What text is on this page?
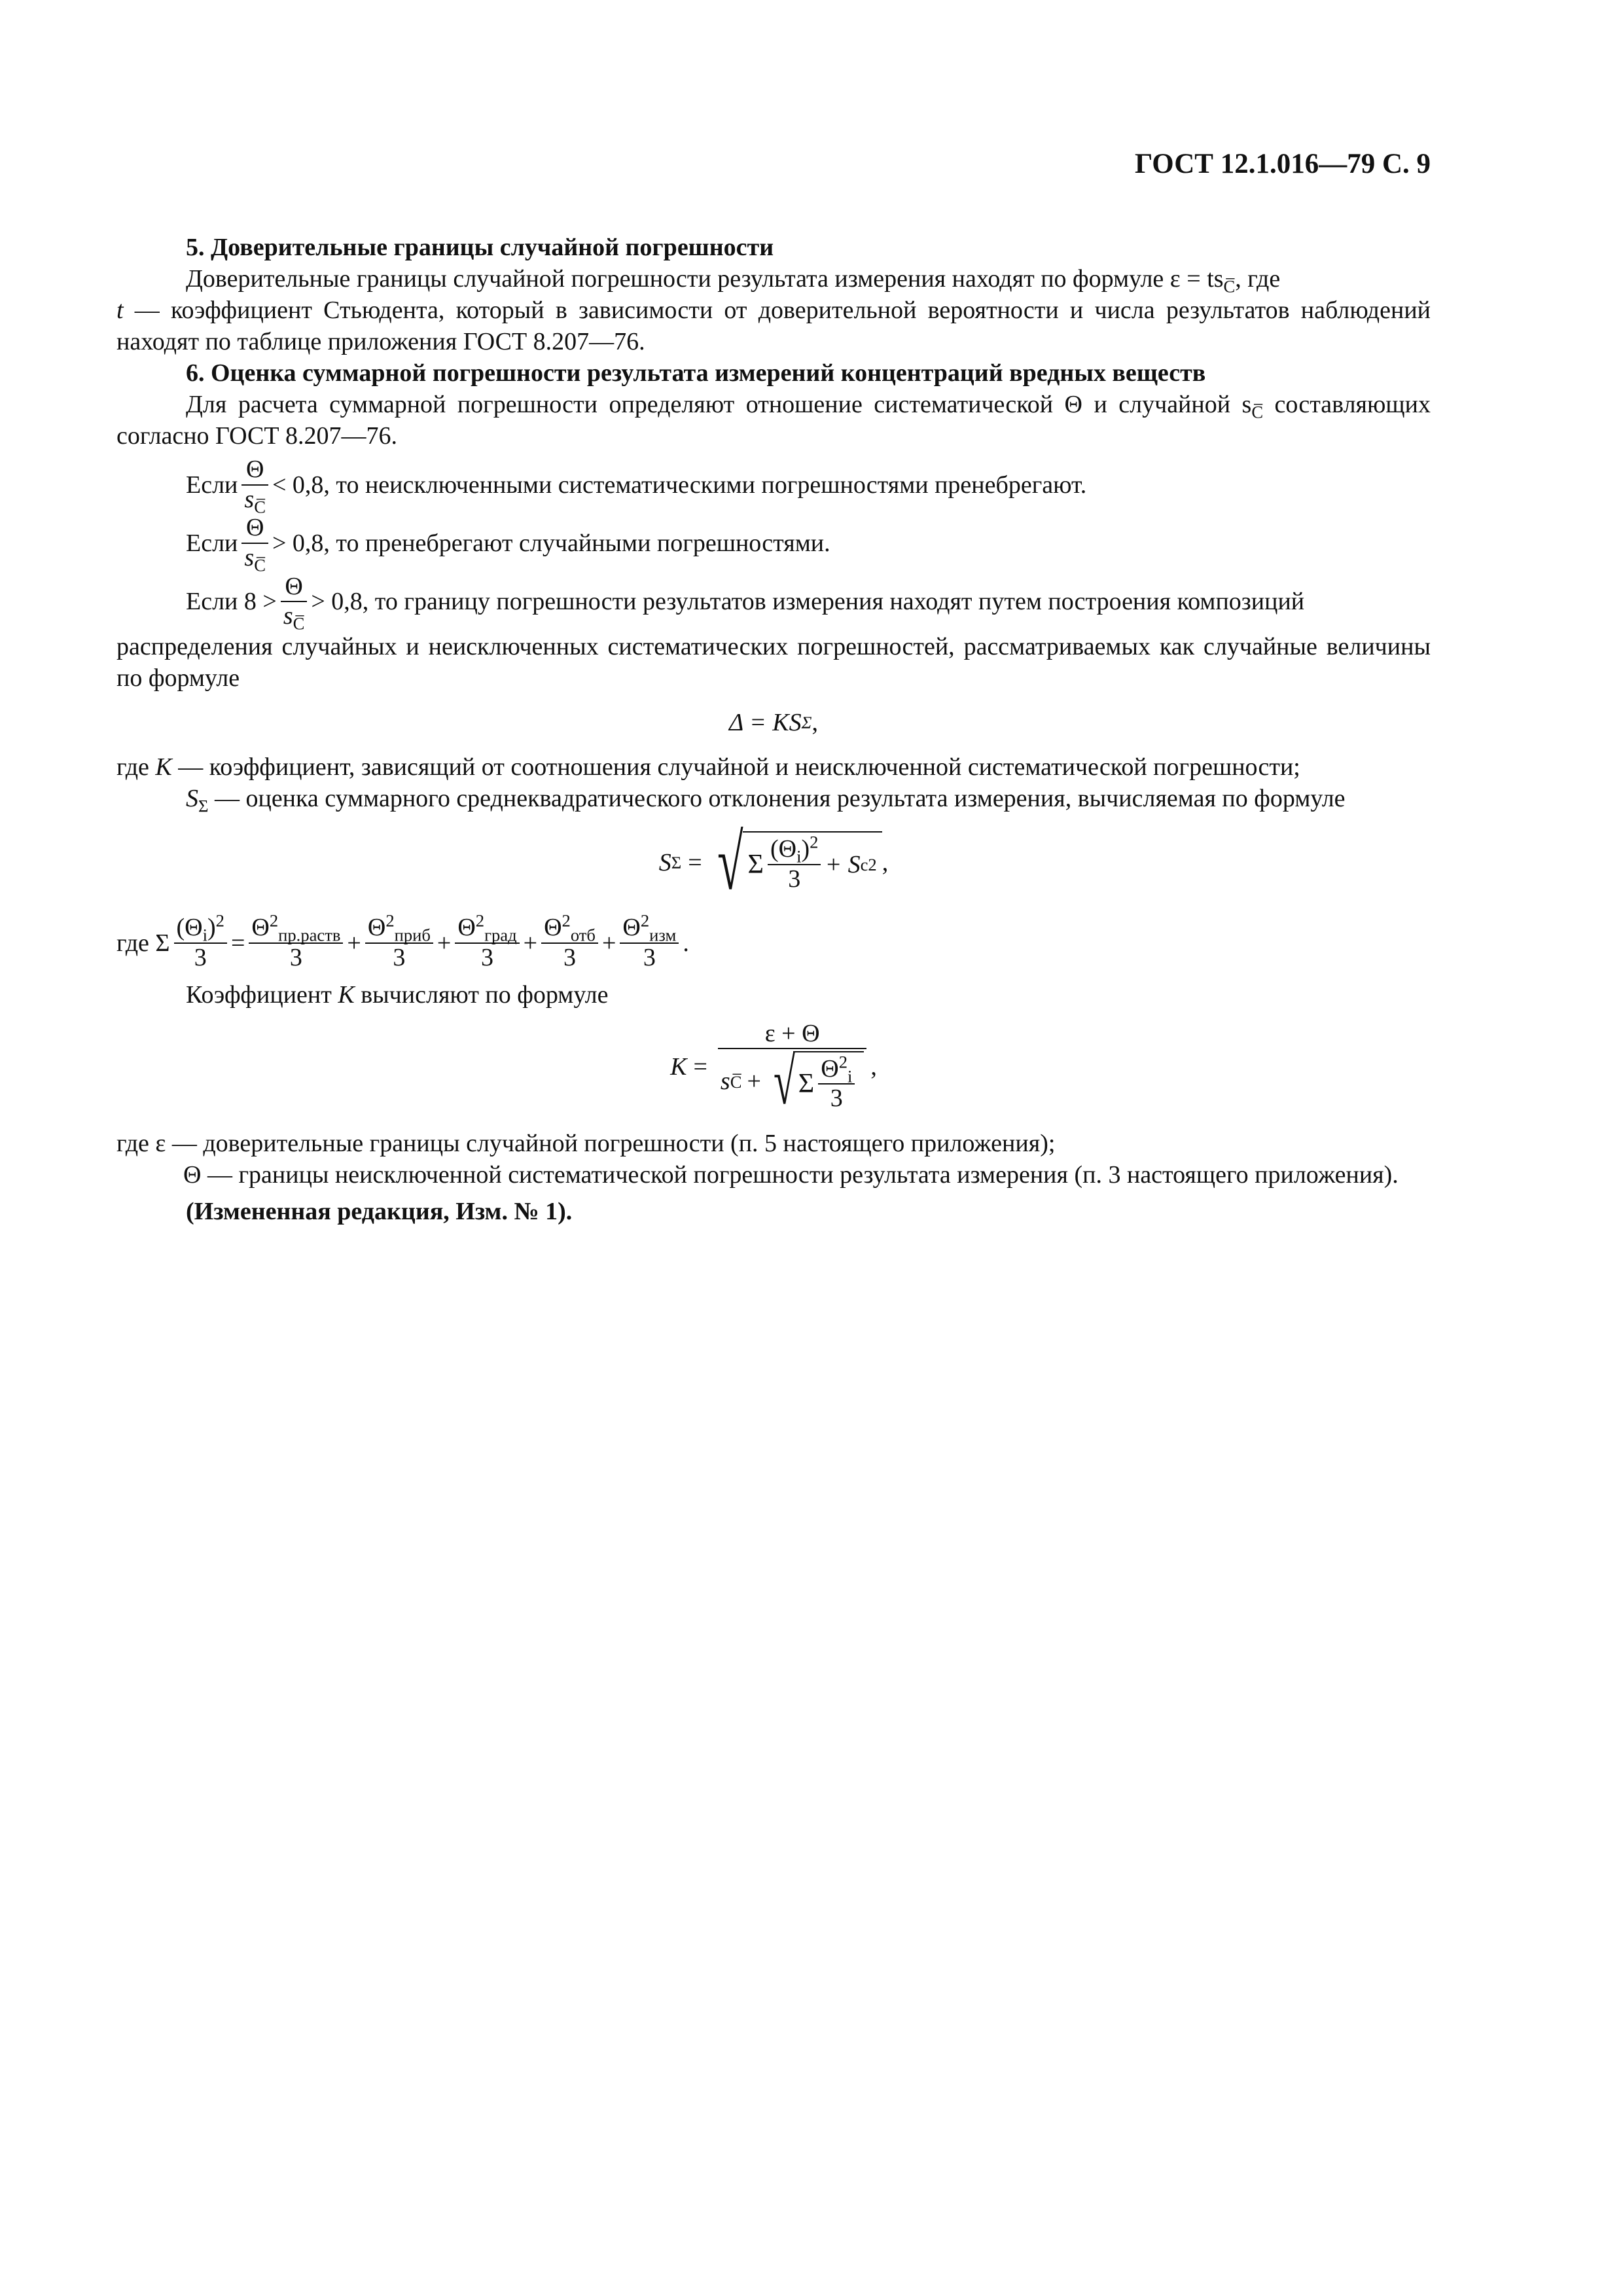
ГОСТ 12.1.016—79 С. 9

5. Доверительные границы случайной погрешности

Доверительные границы случайной погрешности результата измерения находят по формуле $\varepsilon = ts_{C̅}$, где

t — коэффициент Стьюдента, который в зависимости от доверительной вероятности и числа результатов наблюдений находят по таблице приложения ГОСТ 8.207—76.

6. Оценка суммарной погрешности результата измерений концентраций вредных веществ

Для расчета суммарной погрешности определяют отношение систематической Θ и случайной $s_{C̅}$ составляющих согласно ГОСТ 8.207—76.

Если $\frac{\Theta}{s_{C̅}} < 0,8$, то неисключенными систематическими погрешностями пренебрегают.
Если $\frac{\Theta}{s_{C̅}} > 0,8$, то пренебрегают случайными погрешностями.
Если $8 > \frac{\Theta}{s_{C̅}} > 0,8$, то границу погрешности результатов измерения находят путем построения композиций

распределения случайных и неисключенных систематических погрешностей, рассматриваемых как случайные величины по формуле

Δ = KS Σ ,

где K — коэффициент, зависящий от соотношения случайной и неисключенной систематической погрешности;

$S_\Sigma$ — оценка суммарного среднеквадратического отклонения результата измерения, вычисляемая по формуле

S Σ = √ Σ $\frac{(\Theta_i)^2}{3} + S$ c 2 ,
где Σ $\frac{(\Theta_i)^2}{3} = \frac{\Theta^2_{пр.раств}}{3} + \frac{\Theta^2_{приб}}{3} + \frac{\Theta^2_{град}}{3} + \frac{\Theta^2_{отб}}{3} + \frac{\Theta^2_{изм}}{3}$ .

Коэффициент K вычисляют по формуле

$K = \frac{\varepsilon + \Theta}{s C̅ + √ \Sigma \frac{\Theta^2_i}{3}}$ ,

где ε — доверительные границы случайной погрешности (п. 5 настоящего приложения);

Θ — границы неисключенной систематической погрешности результата измерения (п. 3 настоящего приложения).

(Измененная редакция, Изм. № 1).
